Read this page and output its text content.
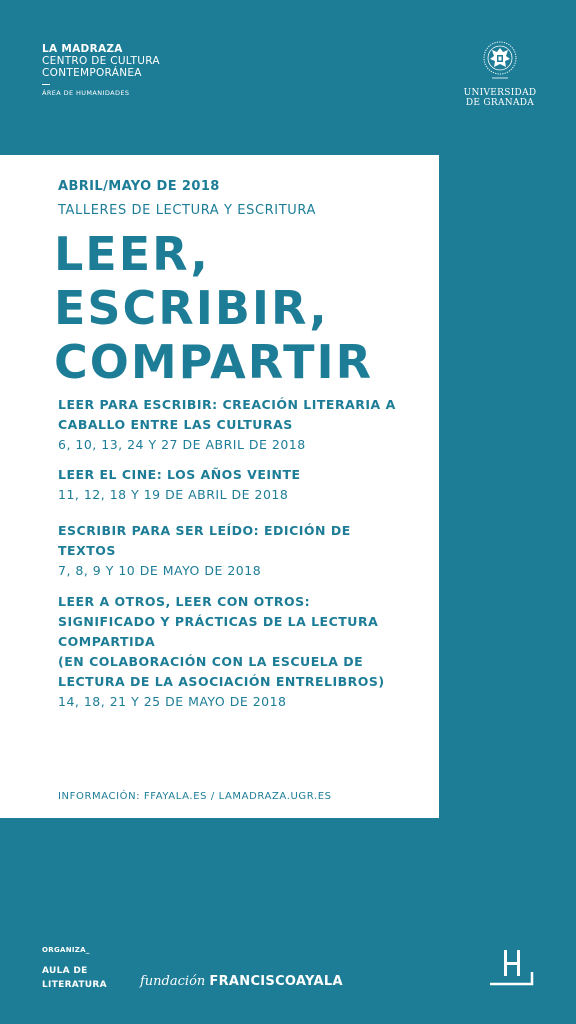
LA MADRAZA
CENTRO DE CULTURA
CONTEMPORÁNEA
ÁREA DE HUMANIDADES	UNIVERSIDAD
DE GRANADA
ABRIL/MAYO DE 2018
TALLERES DE LECTURA Y ESCRITURA
LEER,
ESCRIBIR,
COMPARTIR
LEER PARA ESCRIBIR: CREACIÓN LITERARIA A
CABALLO ENTRE LAS CULTURAS
6, 10, 13, 24 Y 27 DE ABRIL DE 2018
LEER EL CINE: LOS AÑOS VEINTE
11, 12, 18 Y 19 DE ABRIL DE 2018
ESCRIBIR PARA SER LEÍDO: EDICIÓN DE
TEXTOS
7, 8, 9 Y 10 DE MAYO DE 2018
LEER A OTROS, LEER CON OTROS:
SIGNIFICADO Y PRÁCTICAS DE LA LECTURA
COMPARTIDA
(EN COLABORACIÓN CON LA ESCUELA DE
LECTURA DE LA ASOCIACIÓN ENTRELIBROS)
14, 18, 21 Y 25 DE MAYO DE 2018
INFORMACIÓN: FFAYALA.ES / LAMADRAZA.UGR.ES
ORGANIZA_
AULA DE
LITERATURA	fundación FRANCISCOAYALA
